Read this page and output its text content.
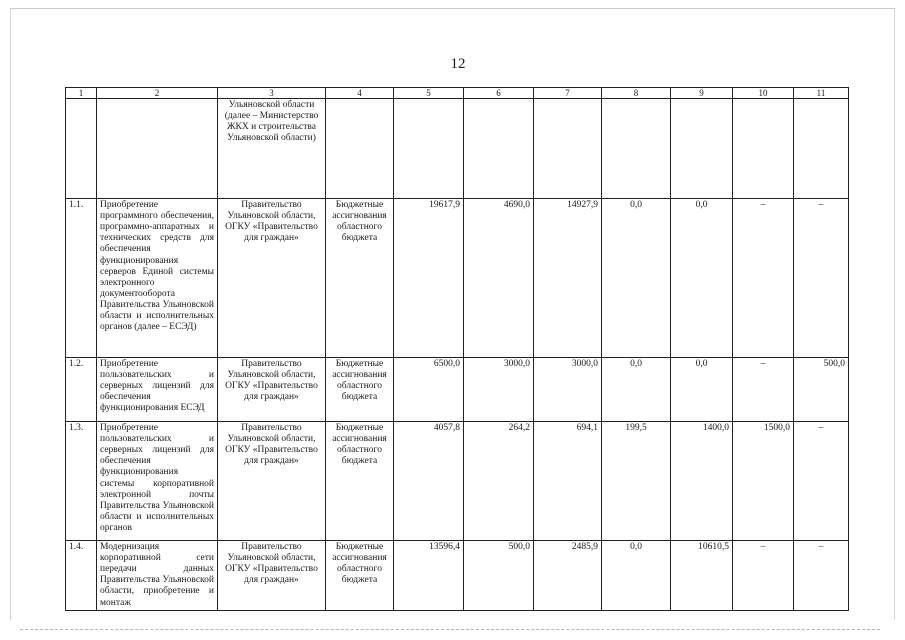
12
1	2	3	4	5	6	7	8	9	10	11
		Ульяновской области (далее – Министерство ЖКХ и строительства Ульяновской области)								
1.1.	Приобретение программного обеспечения, программно-аппаратных и технических средств для обеспечения функционирования серверов Единой системы электронного документооборота Правительства Ульяновской области и исполнительных органов (далее – ЕСЭД)	Правительство Ульяновской области, ОГКУ «Правительство для граждан»	Бюджетные ассигнования областного бюджета	19617,9	4690,0	14927,9	0,0	0,0	–	–
1.2.	Приобретение пользовательских и серверных лицензий для обеспечения функционирования ЕСЭД	Правительство Ульяновской области, ОГКУ «Правительство для граждан»	Бюджетные ассигнования областного бюджета	6500,0	3000,0	3000,0	0,0	0,0	–	500,0
1.3.	Приобретение пользовательских и серверных лицензий для обеспечения функционирования системы корпоративной электронной почты Правительства Ульяновской области и исполнительных органов	Правительство Ульяновской области, ОГКУ «Правительство для граждан»	Бюджетные ассигнования областного бюджета	4057,8	264,2	694,1	199,5	1400,0	1500,0	–
1.4.	Модернизация корпоративной сети передачи данных Правительства Ульяновской области, приобретение и монтаж	Правительство Ульяновской области, ОГКУ «Правительство для граждан»	Бюджетные ассигнования областного бюджета	13596,4	500,0	2485,9	0,0	10610,5	–	–
